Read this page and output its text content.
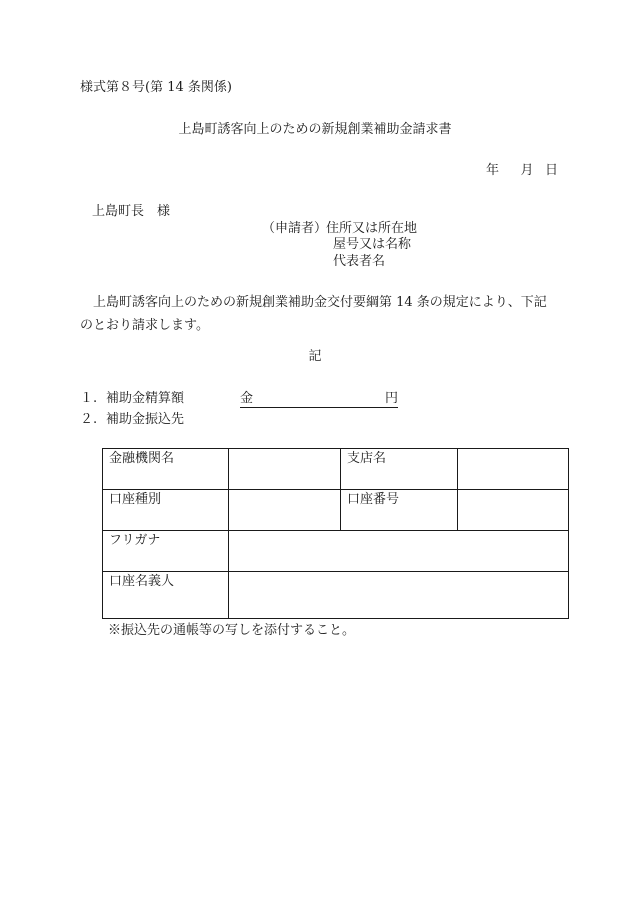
様式第８号(第 14 条関係)
上島町誘客向上のための新規創業補助金請求書
年 月 日
上島町長　様
（申請者）
住所又は所在地
屋号又は名称
代表者名

上島町誘客向上のための新規創業補助金交付要綱第 14 条の規定により、下記のとおり請求します。

記
１. 補助金精算額	金	円
２. 補助金振込先
金融機関名		支店名	
口座種別		口座番号	
フリガナ			
口座名義人			
※振込先の通帳等の写しを添付すること。
